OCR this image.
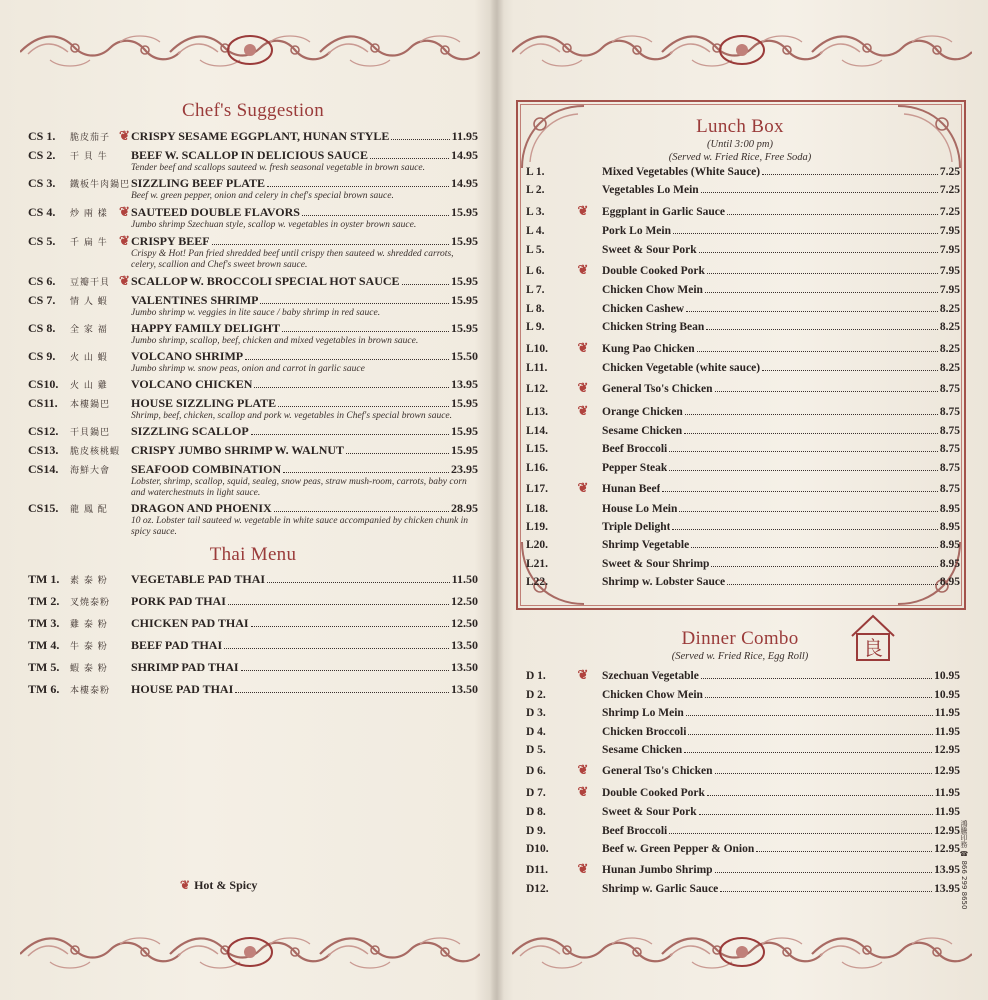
Chef's Suggestion
CS 1.	脆皮茄子 ❦ CRISPY SESAME EGGPLANT, HUNAN STYLE	11.95
CS 2.	干 貝 牛	BEEF W. SCALLOP IN DELICIOUS SAUCE	14.95
Tender beef and scallops sauteed w. fresh seasonal vegetable in brown sauce.
CS 3.	鐵板牛肉鍋巴 SIZZLING BEEF PLATE	14.95
Beef w. green pepper, onion and celery in chef's special brown sauce.
CS 4.	炒 兩 樣 ❦ SAUTEED DOUBLE FLAVORS	15.95
Jumbo shrimp Szechuan style, scallop w. vegetables in oyster brown sauce.
CS 5.	千 扁 牛 ❦ CRISPY BEEF	15.95
Crispy & Hot! Pan fried shredded beef until crispy then sauteed w. shredded carrots, celery, scallion and Chef's sweet brown sauce.
CS 6.	豆瓣干貝 ❦ SCALLOP W. BROCCOLI SPECIAL HOT SAUCE	15.95
CS 7.	情 人 蝦	VALENTINES SHRIMP	15.95
Jumbo shrimp w. veggies in lite sauce / baby shrimp in red sauce.
CS 8.	全 家 福	HAPPY FAMILY DELIGHT	15.95
Jumbo shrimp, scallop, beef, chicken and mixed vegetables in brown sauce.
CS 9.	火 山 蝦	VOLCANO SHRIMP	15.50
Jumbo shrimp w. snow peas, onion and carrot in garlic sauce
CS10.	火 山 雞	VOLCANO CHICKEN	13.95
CS11.	本樓鍋巴	HOUSE SIZZLING PLATE	15.95
Shrimp, beef, chicken, scallop and pork w. vegetables in Chef's special brown sauce.
CS12.	干貝鍋巴	SIZZLING SCALLOP	15.95
CS13.	脆皮核桃蝦 CRISPY JUMBO SHRIMP W. WALNUT	15.95
CS14.	海鮮大會	SEAFOOD COMBINATION	23.95
Lobster, shrimp, scallop, squid, sealeg, snow peas, straw mush-room, carrots, baby corn and waterchestnuts in light sauce.
CS15.	龍 鳳 配	DRAGON AND PHOENIX	28.95
10 oz. Lobster tail sauteed w. vegetable in white sauce accompanied by chicken chunk in spicy sauce.
Thai Menu
TM 1.	素 泰 粉	VEGETABLE PAD THAI	11.50
TM 2.	叉燒泰粉	PORK PAD THAI	12.50
TM 3.	雞 泰 粉	CHICKEN PAD THAI	12.50
TM 4.	牛 泰 粉	BEEF PAD THAI	13.50
TM 5.	蝦 泰 粉	SHRIMP PAD THAI	13.50
TM 6.	本樓泰粉	HOUSE PAD THAI	13.50
❦ Hot & Spicy
Lunch Box
(Until 3:00 pm)
(Served w. Fried Rice, Free Soda)
L 1.	Mixed Vegetables (White Sauce)	7.25
L 2.	Vegetables Lo Mein	7.25
L 3.	❦	Eggplant in Garlic Sauce	7.25
L 4.	Pork Lo Mein	7.95
L 5.	Sweet & Sour Pork	7.95
L 6.	❦	Double Cooked Pork	7.95
L 7.	Chicken Chow Mein	7.95
L 8.	Chicken Cashew	8.25
L 9.	Chicken String Bean	8.25
L10.	❦	Kung Pao Chicken	8.25
L11.	Chicken Vegetable (white sauce)	8.25
L12.	❦	General Tso's Chicken	8.75
L13.	❦	Orange Chicken	8.75
L14.	Sesame Chicken	8.75
L15.	Beef Broccoli	8.75
L16.	Pepper Steak	8.75
L17.	❦	Hunan Beef	8.75
L18.	House Lo Mein	8.95
L19.	Triple Delight	8.95
L20.	Shrimp Vegetable	8.95
L21.	Sweet & Sour Shrimp	8.95
L22.	Shrimp w. Lobster Sauce	8.95
良
Dinner Combo
(Served w. Fried Rice, Egg Roll)
D 1.	❦	Szechuan Vegetable	10.95
D 2.	Chicken Chow Mein	10.95
D 3.	Shrimp Lo Mein	11.95
D 4.	Chicken Broccoli	11.95
D 5.	Sesame Chicken	12.95
D 6.	❦	General Tso's Chicken	12.95
D 7.	❦	Double Cooked Pork	11.95
D 8.	Sweet & Sour Pork	11.95
D 9.	Beef Broccoli	12.95
D10.	Beef w. Green Pepper & Onion	12.95
D11.	❦	Hunan Jumbo Shrimp	13.95
D12.	Shrimp w. Garlic Sauce	13.95 鴻騰印務 ☎ 866 299 8650
